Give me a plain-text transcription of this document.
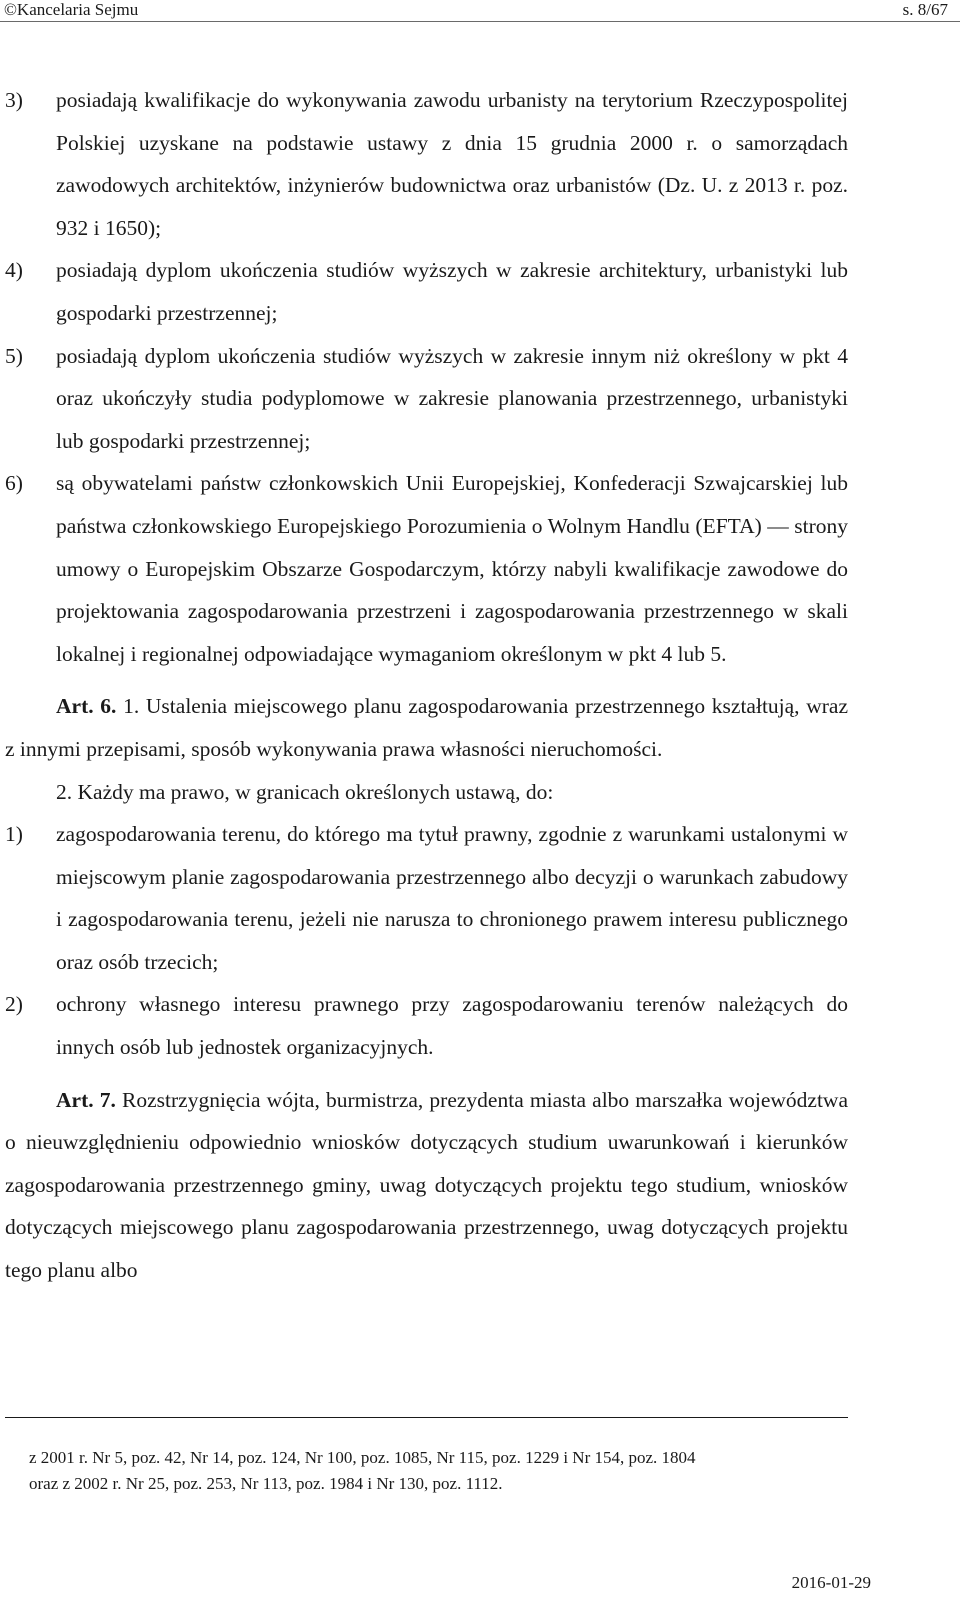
©Kancelaria Sejmu	s. 8/67
3) posiadają kwalifikacje do wykonywania zawodu urbanisty na terytorium Rzeczypospolitej Polskiej uzyskane na podstawie ustawy z dnia 15 grudnia 2000 r. o samorządach zawodowych architektów, inżynierów budownictwa oraz urbanistów (Dz. U. z 2013 r. poz. 932 i 1650);
4) posiadają dyplom ukończenia studiów wyższych w zakresie architektury, urbanistyki lub gospodarki przestrzennej;
5) posiadają dyplom ukończenia studiów wyższych w zakresie innym niż określony w pkt 4 oraz ukończyły studia podyplomowe w zakresie planowania przestrzennego, urbanistyki lub gospodarki przestrzennej;
6) są obywatelami państw członkowskich Unii Europejskiej, Konfederacji Szwajcarskiej lub państwa członkowskiego Europejskiego Porozumienia o Wolnym Handlu (EFTA) — strony umowy o Europejskim Obszarze Gospodarczym, którzy nabyli kwalifikacje zawodowe do projektowania zagospodarowania przestrzeni i zagospodarowania przestrzennego w skali lokalnej i regionalnej odpowiadające wymaganiom określonym w pkt 4 lub 5.
Art. 6. 1. Ustalenia miejscowego planu zagospodarowania przestrzennego kształtują, wraz z innymi przepisami, sposób wykonywania prawa własności nieruchomości.
2. Każdy ma prawo, w granicach określonych ustawą, do:
1) zagospodarowania terenu, do którego ma tytuł prawny, zgodnie z warunkami ustalonymi w miejscowym planie zagospodarowania przestrzennego albo decyzji o warunkach zabudowy i zagospodarowania terenu, jeżeli nie narusza to chronionego prawem interesu publicznego oraz osób trzecich;
2) ochrony własnego interesu prawnego przy zagospodarowaniu terenów należących do innych osób lub jednostek organizacyjnych.
Art. 7. Rozstrzygnięcia wójta, burmistrza, prezydenta miasta albo marszałka województwa o nieuwzględnieniu odpowiednio wniosków dotyczących studium uwarunkowań i kierunków zagospodarowania przestrzennego gminy, uwag dotyczących projektu tego studium, wniosków dotyczących miejscowego planu zagospodarowania przestrzennego, uwag dotyczących projektu tego planu albo
z 2001 r. Nr 5, poz. 42, Nr 14, poz. 124, Nr 100, poz. 1085, Nr 115, poz. 1229 i Nr 154, poz. 1804
oraz z 2002 r. Nr 25, poz. 253, Nr 113, poz. 1984 i Nr 130, poz. 1112.
2016-01-29
